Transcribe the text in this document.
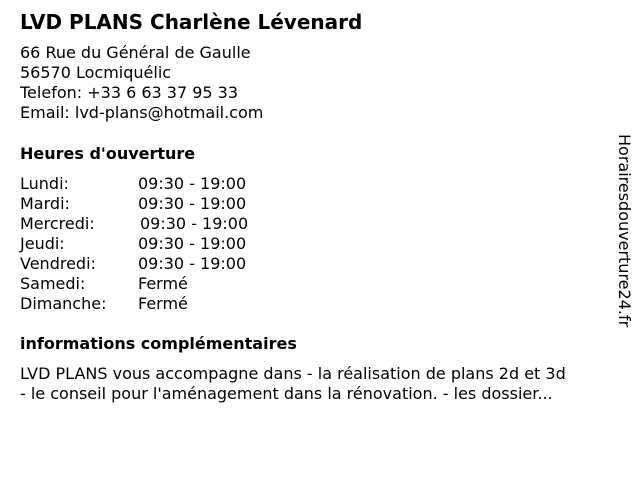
LVD PLANS Charlène Lévenard
66 Rue du Général de Gaulle
56570 Locmiquélic
Telefon: +33 6 63 37 95 33
Email: lvd-plans@hotmail.com
Heures d'ouverture
Lundi:	09:30 - 19:00
Mardi:	09:30 - 19:00
Mercredi:	09:30 - 19:00
Jeudi:	09:30 - 19:00
Vendredi:	09:30 - 19:00
Samedi:	Fermé
Dimanche: Fermé
informations complémentaires
LVD PLANS vous accompagne dans - la réalisation de plans 2d et 3d
- le conseil pour l'aménagement dans la rénovation. - les dossier...
Horairesdouverture24.fr
